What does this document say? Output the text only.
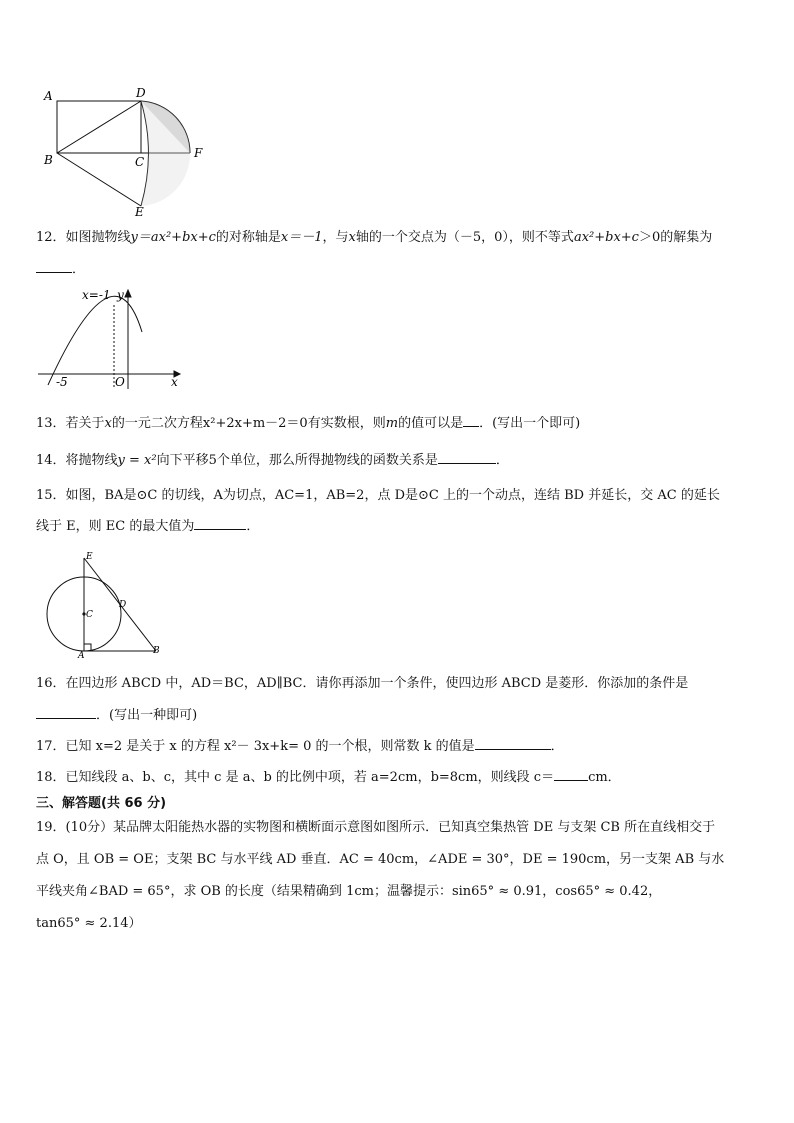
A	D
B	C
F
E
12．如图抛物线y＝ax²+bx+c的对称轴是x＝－1，与x轴的一个交点为（－5，0），则不等式ax²+bx+c＞0的解集为
．
x=-1 y
x
-5	O
13．若关于x的一元二次方程x²+2x+m－2＝0有实数根，则m的值可以是 ．(写出一个即可)
14．将抛物线y = x²向下平移5个单位，那么所得抛物线的函数关系是	．
15．如图，BA是⊙C 的切线，A为切点，AC=1，AB=2，点 D是⊙C 上的一个动点，连结 BD 并延长，交 AC 的延长
线于 E，则 EC 的最大值为	．
E
C
D
A	B
16．在四边形 ABCD 中，AD＝BC，AD∥BC．请你再添加一个条件，使四边形 ABCD 是菱形．你添加的条件是
．(写出一种即可)
17．已知 x=2 是关于 x 的方程 x²－ 3x+k= 0 的一个根，则常数 k 的值是	．
18．已知线段 a、b、c，其中 c 是 a、b 的比例中项，若 a=2cm，b=8cm，则线段 c＝	cm．
三、解答题(共 66 分)
19．(10分）某品牌太阳能热水器的实物图和横断面示意图如图所示．已知真空集热管 DE 与支架 CB 所在直线相交于
点 O，且 OB = OE；支架 BC 与水平线 AD 垂直．AC = 40cm，∠ADE = 30°，DE = 190cm，另一支架 AB 与水
平线夹角∠BAD = 65°，求 OB 的长度（结果精确到 1cm；温馨提示：sin65° ≈ 0.91，cos65° ≈ 0.42，
tan65° ≈ 2.14）
